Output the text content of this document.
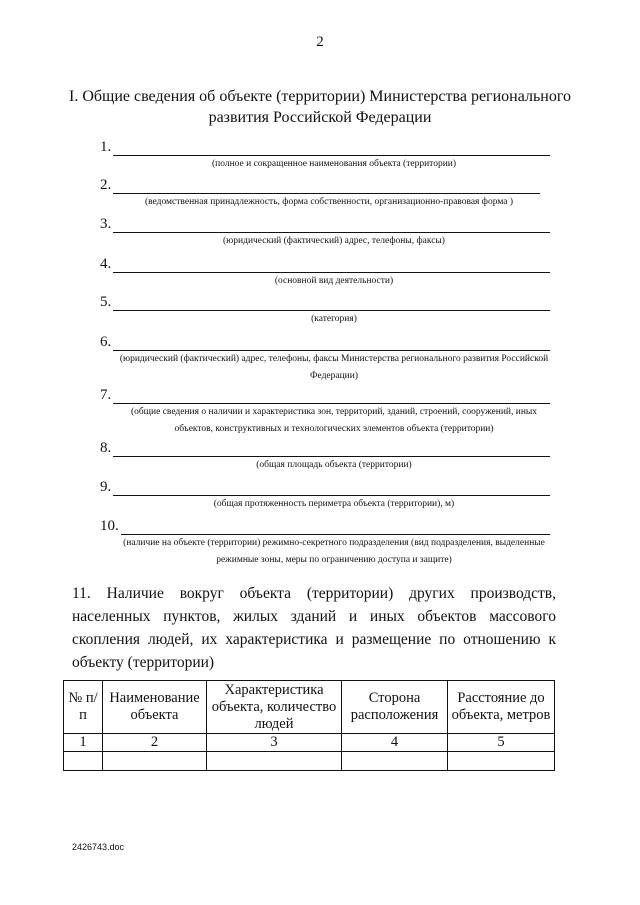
2
I. Общие сведения об объекте (территории) Министерства регионального развития Российской Федерации
1.
(полное и сокращенное наименования объекта (территории)
2.
(ведомственная принадлежность, форма собственности, организационно-правовая форма )
3.
(юридический (фактический) адрес, телефоны, факсы)
4.
(основной вид деятельности)
5.
(категория)
6.
(юридический (фактический) адрес, телефоны, факсы Министерства регионального развития Российской Федерации)
7.
(общие сведения о наличии и характеристика зон, территорий, зданий, строений, сооружений, иных объектов, конструктивных и технологических элементов объекта (территории)
8.
(общая площадь объекта (территории)
9.
(общая протяженность периметра объекта (территории), м)
10.
(наличие на объекте (территории) режимно-секретного подразделения (вид подразделения, выделенные режимные зоны, меры по ограничению доступа и защите)
11. Наличие вокруг объекта (территории) других производств, населенных пунктов, жилых зданий и иных объектов массового скопления людей, их характеристика и размещение по отношению к объекту (территории)
№ п/п	Наименование объекта	Характеристика объекта, количество людей	Сторона расположения	Расстояние до объекта, метров
1	2	3	4	5

2426743.doc
